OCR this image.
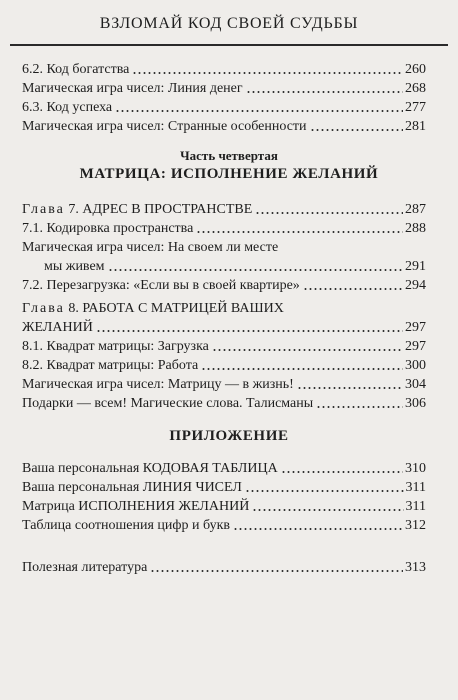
ВЗЛОМАЙ КОД СВОЕЙ СУДЬБЫ
6.2. Код богатства	260
Магическая игра чисел: Линия денег	268
6.3. Код успеха	277
Магическая игра чисел: Странные особенности	281
Часть четвертая
МАТРИЦА: ИСПОЛНЕНИЕ ЖЕЛАНИЙ
Глава 7. АДРЕС В ПРОСТРАНСТВЕ	287
7.1. Кодировка пространства	288
Магическая игра чисел: На своем ли месте
мы живем	291
7.2. Перезагрузка: «Если вы в своей квартире»	294
Глава
8. РАБОТА С МАТРИЦЕЙ ВАШИХ
ЖЕЛАНИЙ	297
8.1. Квадрат матрицы: Загрузка	297
8.2. Квадрат матрицы: Работа	300
Магическая игра чисел: Матрицу — в жизнь!	304
Подарки — всем! Магические слова. Талисманы	306
ПРИЛОЖЕНИЕ
Ваша персональная КОДОВАЯ ТАБЛИЦА	310
Ваша персональная ЛИНИЯ ЧИСЕЛ	311
Матрица ИСПОЛНЕНИЯ ЖЕЛАНИЙ	311
Таблица соотношения цифр и букв	312
Полезная литература	313
